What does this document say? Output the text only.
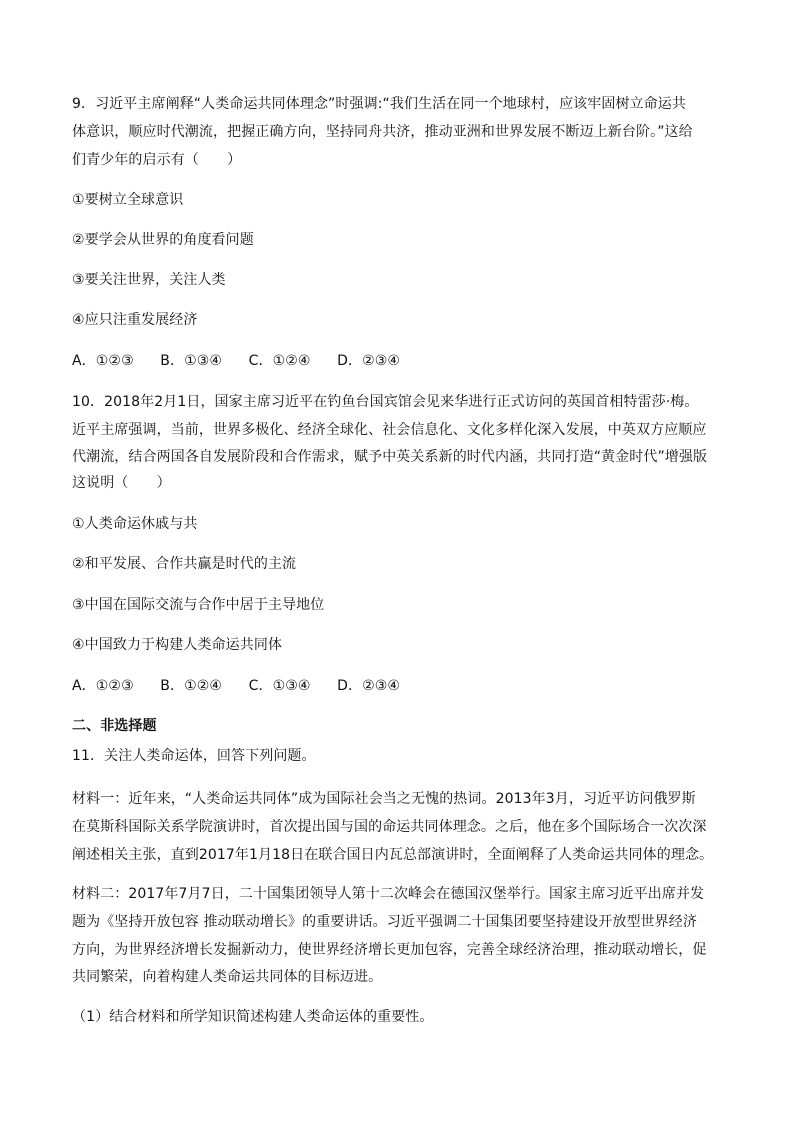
9．习近平主席阐释“人类命运共同体理念”时强调:“我们生活在同一个地球村，应该牢固树立命运共
体意识，顺应时代潮流，把握正确方向，坚持同舟共济，推动亚洲和世界发展不断迈上新台阶。”这给
们青少年的启示有（　　）
①要树立全球意识
②要学会从世界的角度看问题
③要关注世界，关注人类
④应只注重发展经济
A．①②③ B．①③④ C．①②④ D．②③④
10．2018年2月1日，国家主席习近平在钓鱼台国宾馆会见来华进行正式访问的英国首相特雷莎·梅。
近平主席强调，当前，世界多极化、经济全球化、社会信息化、文化多样化深入发展，中英双方应顺应
代潮流，结合两国各自发展阶段和合作需求，赋予中英关系新的时代内涵，共同打造“黄金时代”增强版
这说明（　　）
①人类命运休戚与共
②和平发展、合作共赢是时代的主流
③中国在国际交流与合作中居于主导地位
④中国致力于构建人类命运共同体
A．①②③ B．①②④ C．①③④ D．②③④
二、非选择题
11．关注人类命运体，回答下列问题。
材料一：近年来，“人类命运共同体”成为国际社会当之无愧的热词。2013年3月，习近平访问俄罗斯
在莫斯科国际关系学院演讲时，首次提出国与国的命运共同体理念。之后，他在多个国际场合一次次深
阐述相关主张，直到2017年1月18日在联合国日内瓦总部演讲时，全面阐释了人类命运共同体的理念。
材料二：2017年7月7日，二十国集团领导人第十二次峰会在德国汉堡举行。国家主席习近平出席并发
题为《坚持开放包容 推动联动增长》的重要讲话。习近平强调二十国集团要坚持建设开放型世界经济
方向，为世界经济增长发掘新动力，使世界经济增长更加包容，完善全球经济治理，推动联动增长，促
共同繁荣，向着构建人类命运共同体的目标迈进。
（1）结合材料和所学知识简述构建人类命运体的重要性。
